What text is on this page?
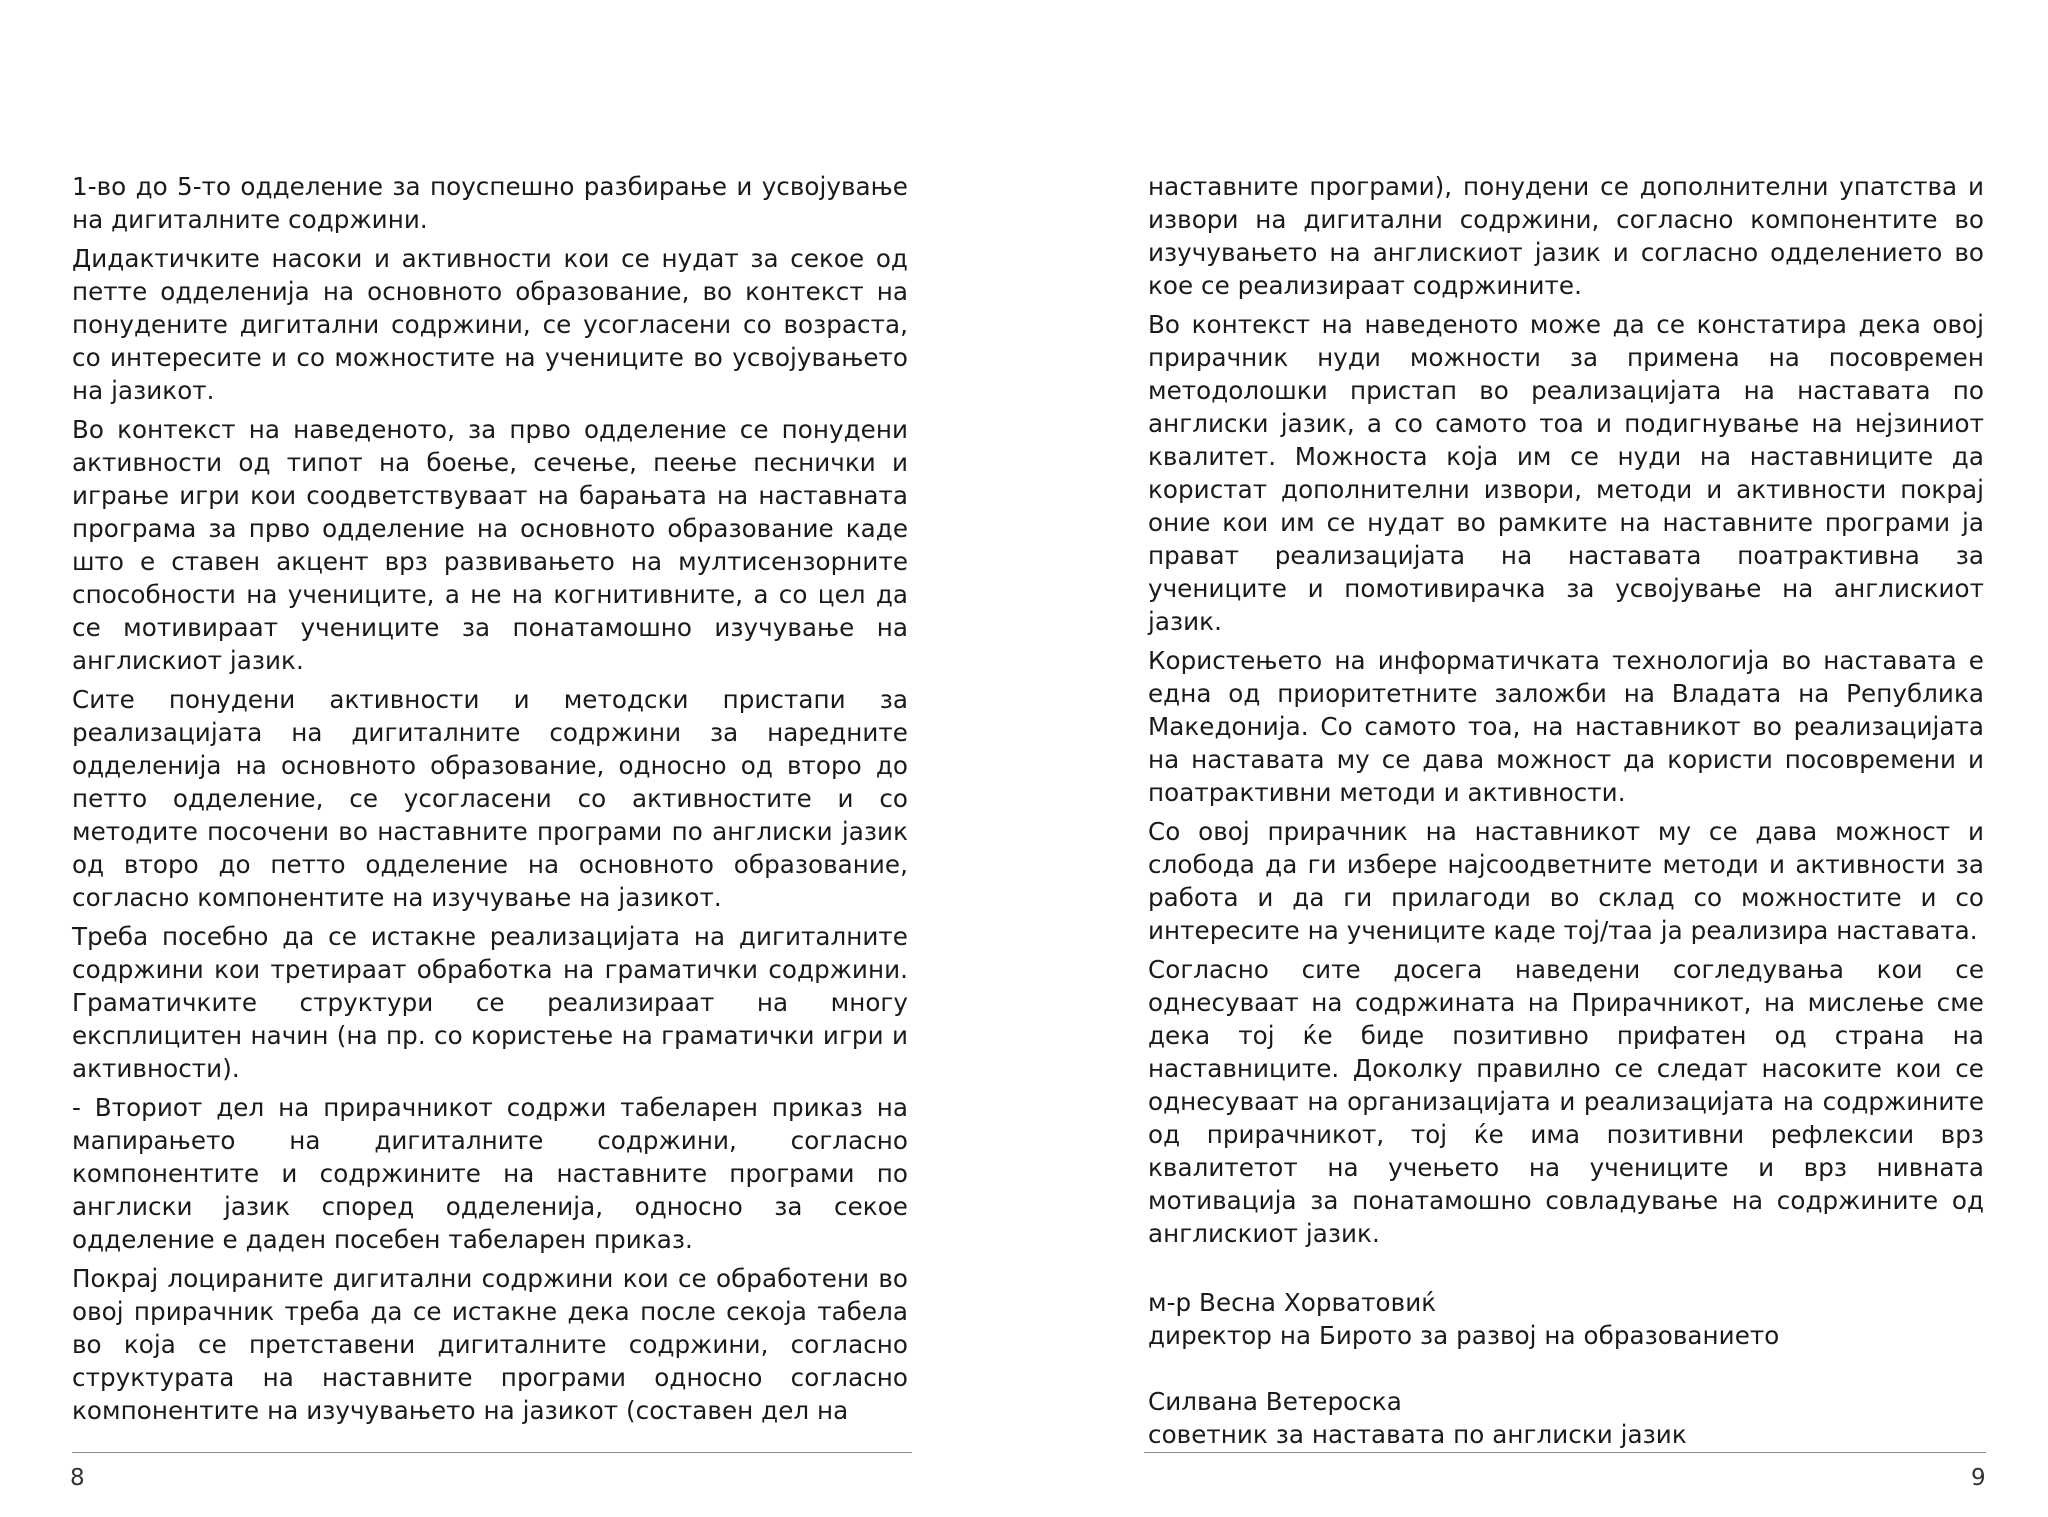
1-во до 5-то одделение за поуспешно разбирање и усвојување на дигиталните содржини.

Дидактичките насоки и активности кои се нудат за секое од петте одделенија на основното образование, во контекст на понудените дигитални содржини, се усогласени со возраста, со интересите и со можностите на учениците во усвојувањето на јазикот.

Во контекст на наведеното, за прво одделение се понудени активности од типот на боење, сечење, пеење песнички и играње игри кои соодветствуваат на барањата на наставната програма за прво одделение на основното образование каде што е ставен акцент врз развивањето на мултисензорните способности на учениците, а не на когнитивните, а со цел да се мотивираат учениците за понатамошно изучување на англискиот јазик.

Сите понудени активности и методски пристапи за реализацијата на дигиталните содржини за наредните одделенија на основното образование, односно од второ до петто одделение, се усогласени со активностите и со методите посочени во наставните програми по англиски јазик од второ до петто одделение на основното образование, согласно компонентите на изучување на јазикот.

Треба посебно да се истакне реализацијата на дигиталните содржини кои третираат обработка на граматички содржини. Граматичките структури се реализираат на многу експлицитен начин (на пр. со користење на граматички игри и активности).

- Вториот дел на прирачникот содржи табеларен приказ на мапирањето на дигиталните содржини, согласно компонентите и содржините на наставните програми по англиски јазик според одделенија, односно за секое одделение е даден посебен табеларен приказ.

Покрај лоцираните дигитални содржини кои се обработени во овој прирачник треба да се истакне дека после секоја табела во која се претставени дигиталните содржини, согласно структурата на наставните програми односно согласно компонентите на изучувањето на јазикот (составен дел на

8

наставните програми), понудени се дополнителни упатства и извори на дигитални содржини, согласно компонентите во изучувањето на англискиот јазик и согласно одделението во кое се реализираат содржините.

Во контекст на наведеното може да се констатира дека овој прирачник нуди можности за примена на посовремен методолошки пристап во реализацијата на наставата по англиски јазик, а со самото тоа и подигнување на нејзиниот квалитет. Можноста која им се нуди на наставниците да користат дополнителни извори, методи и активности покрај оние кои им се нудат во рамките на наставните програми ја прават реализацијата на наставата поатрактивна за учениците и помотивирачка за усвојување на англискиот јазик.

Користењето на информатичката технологија во наставата е една од приоритетните заложби на Владата на Република Македонија. Со самото тоа, на наставникот во реализацијата на наставата му се дава можност да користи посовремени и поатрактивни методи и активности.

Со овој прирачник на наставникот му се дава можност и слобода да ги избере најсоодветните методи и активности за работа и да ги прилагоди во склад со можностите и со интересите на учениците каде тој/таа ја реализира наставата.

Согласно сите досега наведени согледувања кои се однесуваат на содржината на Прирачникот, на мислење сме дека тој ќе биде позитивно прифатен од страна на наставниците. Доколку правилно се следат насоките кои се однесуваат на организацијата и реализацијата на содржините од прирачникот, тој ќе има позитивни рефлексии врз квалитетот на учењето на учениците и врз нивната мотивација за понатамошно совладување на содржините од англискиот јазик.

м-р Весна Хорватовиќ
директор на Бирото за развој на образованието
Силвана Ветероска
советник за наставата по англиски јазик
9
